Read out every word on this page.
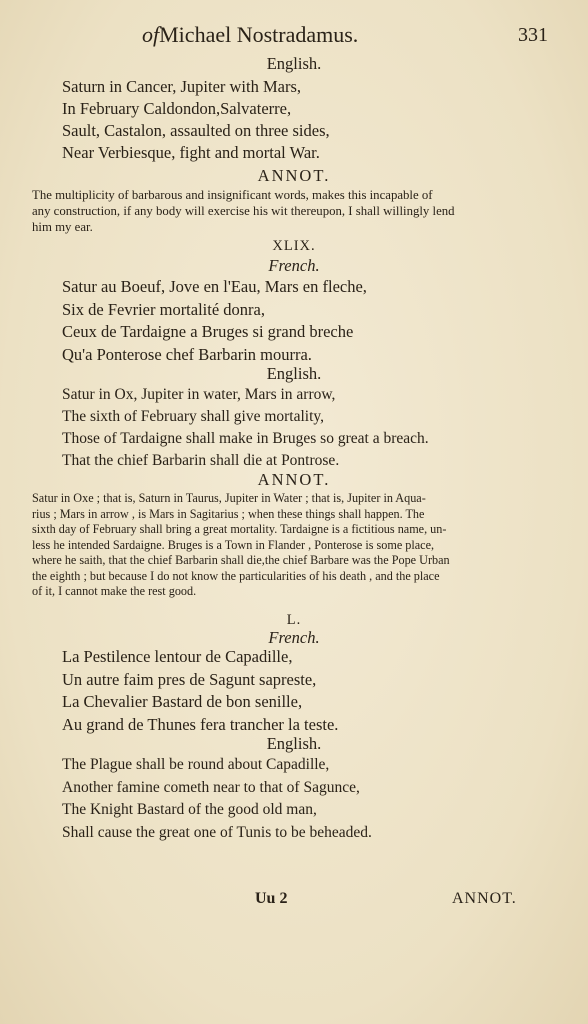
ofMichael Nostradamus.	331
English.
Saturn in Cancer, Jupiter with Mars,
In February Caldondon,Salvaterre,
Sault, Castalon, assaulted on three sides,
Near Verbiesque, fight and mortal War.
ANNOT.
The multiplicity of barbarous and insignificant words, makes this incapable of
any construction, if any body will exercise his wit thereupon, I shall willingly lend
him my ear.
XLIX.
French.
Satur au Boeuf, Jove en l'Eau, Mars en fleche,
Six de Fevrier mortalité donra,
Ceux de Tardaigne a Bruges si grand breche
Qu'a Ponterose chef Barbarin mourra.
English.
Satur in Ox, Jupiter in water, Mars in arrow,
The sixth of February shall give mortality,
Those of Tardaigne shall make in Bruges so great a breach.
That the chief Barbarin shall die at Pontrose.
ANNOT.
Satur in Oxe ; that is, Saturn in Taurus, Jupiter in Water ; that is, Jupiter in Aqua-
rius ; Mars in arrow , is Mars in Sagitarius ; when these things shall happen. The
sixth day of February shall bring a great mortality. Tardaigne is a fictitious name, un-
less he intended Sardaigne. Bruges is a Town in Flander , Ponterose is some place,
where he saith, that the chief Barbarin shall die,the chief Barbare was the Pope Urban
the eighth ; but because I do not know the particularities of his death , and the place
of it, I cannot make the rest good.
L.
French.
La Pestilence lentour de Capadille,
Un autre faim pres de Sagunt sapreste,
La Chevalier Bastard de bon senille,
Au grand de Thunes fera trancher la teste.
English.
The Plague shall be round about Capadille,
Another famine cometh near to that of Sagunce,
The Knight Bastard of the good old man,
Shall cause the great one of Tunis to be beheaded.
Uu 2	ANNOT.
